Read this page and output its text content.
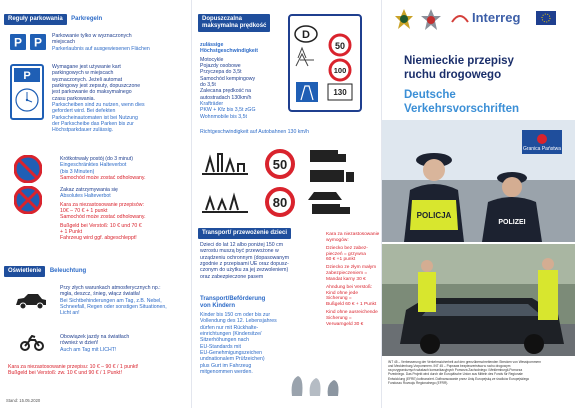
Reguły parkowania Parkregeln
P P Parkowanie tylko w wyznaczonych
miejscach
Parkerlaubnis auf ausgewiesenen Flächen
P
Wymagane jest używanie kart
parkingowych w miejscach
wyznaczonych. Jeżeli automat
parkingowy jest zepsuty, dopuszczone
jest parkowanie do maksymalnego
czasu parkowania.
Parkscheiben sind zu nutzen, wenn dies
gefordert wird. Bei defekten
Parkscheinautomaten ist bei Nutzung
der Parkscheibe das Parken bis zur
Höchstparkdauer zulässig.
Krótkotrwały postój (do 3 minut)
Eingeschränktes Halteverbot
(bis 3 Minuten)
Samochód może zostać odholowany.
Zakaz zatrzymywania się
Absolutes Halteverbot
Kara za niezastosowanie przepisów:
10€ – 70 € + 1 punkt
Samochód może zostać odholowany.
Bußgeld bei Verstoß: 10 € und 70 €
+ 1 Punkt
Fahrzeug wird ggf. abgeschleppt!
Oświetlenie Beleuchtung
Przy złych warunkach atmosferycznych np.:
mgła, deszcz, śnieg, włącz światła!
Bei Sichtbehinderungen am Tag, z.B. Nebel,
Schneefall, Regen oder sonstigen Situationen,
Licht an!
Obowiązek jazdy na światłach
również w dzień!
Auch am Tag mit LICHT!
Kara za niezastosowanie przepisu: 10 € – 90 € / 1 punkt!
Bußgeld bei Verstoß: zw. 10 € und 90 € / 1 Punkt!
Stand: 15.05.2020
Dopuszczalna
maksymalna prędkość
zulässige
Höchstgeschwindigkeit
Motocykle
Pojazdy osobowe
Przyczepa do 3,5t
Samochód kempingowy
do 3,5t
Zalecana prędkość na
autostradach 130km/h
Krafträder
PKW + Kfz bis 3,5t zGG
Wohnmobile bis 3,5t
Richtgeschwindigkeit auf Autobahnen 130 km/h
D
50
100
130
50
80
Transport/ przewożenie dzieci
Dzieci do lat 12 albo poniżej 150 cm
wzrostu muszą być przewożone w
urządzeniu ochronnym (dopasowanym
zgodnie z przepisami UE oraz dopusz-
czonym do użytku za jej zezwoleniem)
oraz zabezpieczone pasem
Transport/Beförderung
von Kindern
Kinder bis 150 cm oder bis zur
Vollendung des 12. Lebensjahres
dürfen nur mit Rückhalte-
einrichtungen (Kindersitze/
Sitzerhöhungen nach
EU-Standards mit
EU-Genehmigungszeichen
undnationalem Prüfzeichen)
plus Gurt im Fahrzeug
mitgenommen werden.
Kara za niezastosowanie
wymogów:
Dziecko bez zabez-
pieczeń = grzywna
60 € +1 punkt
Dziecko ze złym małym
zabezpieczeniem =
Mandat karny 30 €
Ahndung bei Verstoß:
Kind ohne jede
Sicherung =
Bußgeld 60 € + 1 Punkt
Kind ohne ausreichende
Sicherung =
Verwarngeld 30 €
Interreg
Niemieckie przepisy
ruchu drogowego
Deutsche
Verkehrsvorschriften
Granica Państwa
POLICJA
POLIZEI
INT 45 – Verbesserung der Verkehrssicherheit auf den grenzüberschreitenden Strecken von Wesstpommern
und Mecklenburg-Vorpommern. INT 45 – Poprawa bezpieczeństwa w ruchu drogowym
na przygranicznych szlakach komunikacyjnych Pomorza Zachodniego i Meklemburgii-Pomorza
Przedniego. Das Projekt wird durch die Europäische Union aus Mitteln des Fonds für Regionale
Entwicklung (EFRE) kofinanziert. Dofinansowanie przez Unię Europejską ze środków Europejskiego
Funduszu Rozwoju Regionalnego (EFRR).
